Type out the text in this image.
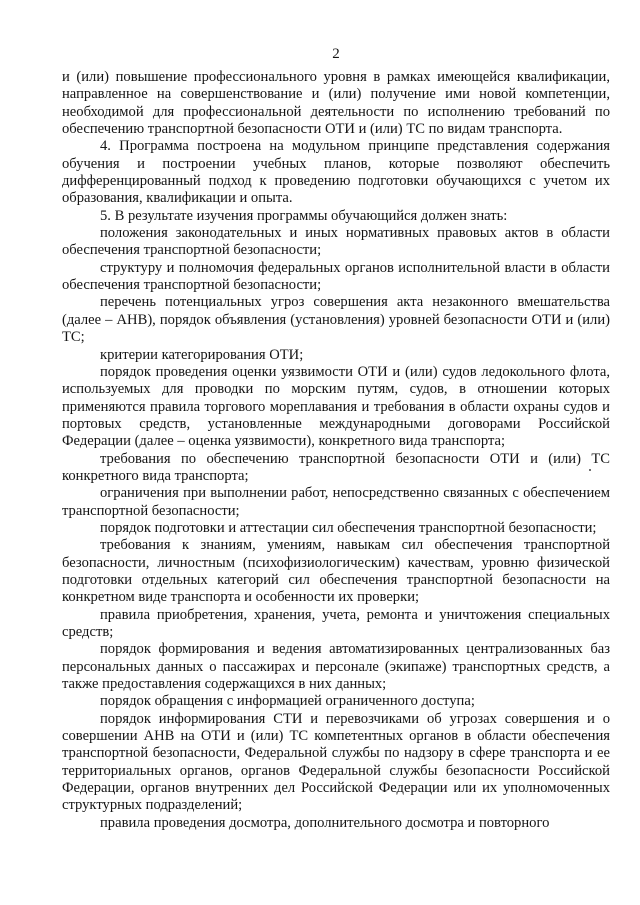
2

и (или) повышение профессионального уровня в рамках имеющейся квалификации, направленное на совершенствование и (или) получение ими новой компетенции, необходимой для профессиональной деятельности по исполнению требований по обеспечению транспортной безопасности ОТИ и (или) ТС по видам транспорта.

4. Программа построена на модульном принципе представления содержания обучения и построении учебных планов, которые позволяют обеспечить дифференцированный подход к проведению подготовки обучающихся с учетом их образования, квалификации и опыта.

5. В результате изучения программы обучающийся должен знать:

положения законодательных и иных нормативных правовых актов в области обеспечения транспортной безопасности;

структуру и полномочия федеральных органов исполнительной власти в области обеспечения транспортной безопасности;

перечень потенциальных угроз совершения акта незаконного вмешательства (далее – АНВ), порядок объявления (установления) уровней безопасности ОТИ и (или) ТС;

критерии категорирования ОТИ;

порядок проведения оценки уязвимости ОТИ и (или) судов ледокольного флота, используемых для проводки по морским путям, судов, в отношении которых применяются правила торгового мореплавания и требования в области охраны судов и портовых средств, установленные международными договорами Российской Федерации (далее – оценка уязвимости), конкретного вида транспорта;

требования по обеспечению транспортной безопасности ОТИ и (или) ТС конкретного вида транспорта;

ограничения при выполнении работ, непосредственно связанных с обеспечением транспортной безопасности;

порядок подготовки и аттестации сил обеспечения транспортной безопасности;

требования к знаниям, умениям, навыкам сил обеспечения транспортной безопасности, личностным (психофизиологическим) качествам, уровню физической подготовки отдельных категорий сил обеспечения транспортной безопасности на конкретном виде транспорта и особенности их проверки;

правила приобретения, хранения, учета, ремонта и уничтожения специальных средств;

порядок формирования и ведения автоматизированных централизованных баз персональных данных о пассажирах и персонале (экипаже) транспортных средств, а также предоставления содержащихся в них данных;

порядок обращения с информацией ограниченного доступа;

порядок информирования СТИ и перевозчиками об угрозах совершения и о совершении АНВ на ОТИ и (или) ТС компетентных органов в области обеспечения транспортной безопасности, Федеральной службы по надзору в сфере транспорта и ее территориальных органов, органов Федеральной службы безопасности Российской Федерации, органов внутренних дел Российской Федерации или их уполномоченных структурных подразделений;

правила проведения досмотра, дополнительного досмотра и повторного
